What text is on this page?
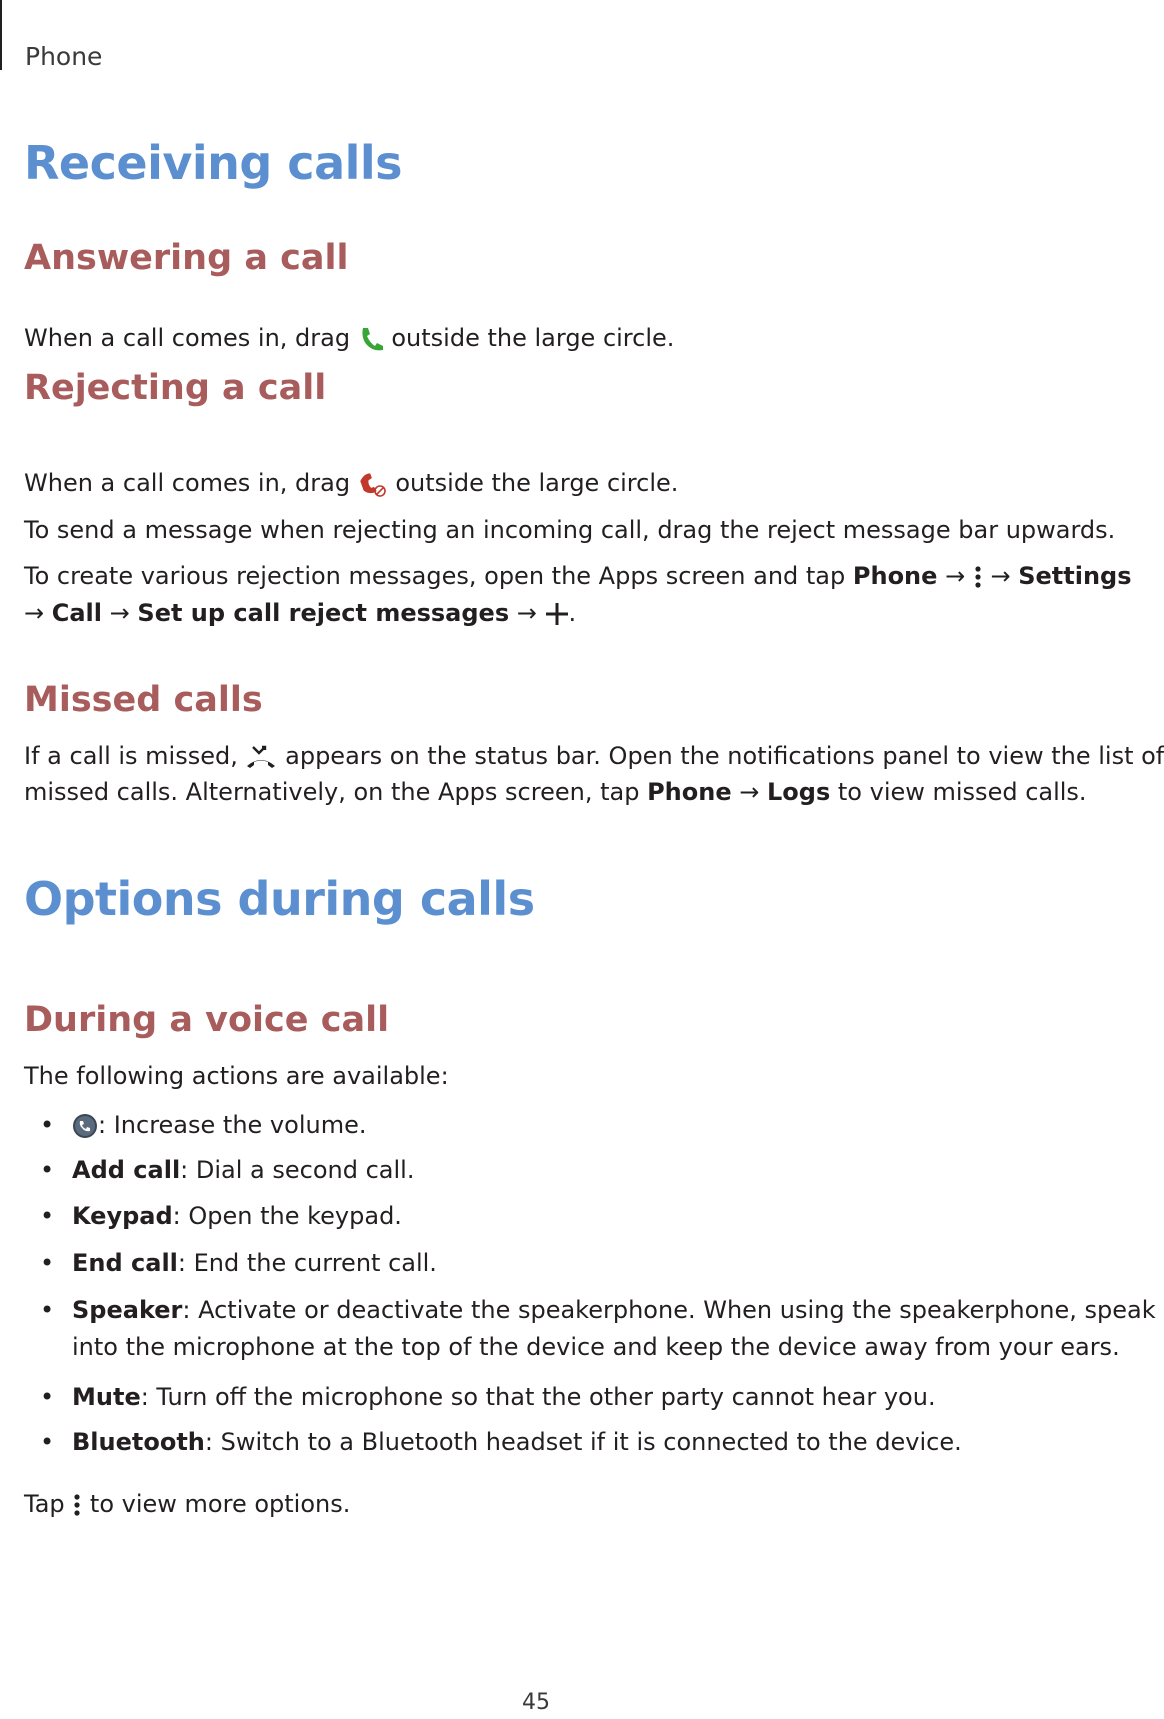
Phone
Receiving calls
Answering a call
When a call comes in, drag outside the large circle.
Rejecting a call
When a call comes in, drag outside the large circle.
To send a message when rejecting an incoming call, drag the reject message bar upwards.
To create various rejection messages, open the Apps screen and tap Phone → → Settings
→ Call → Set up call reject messages → .
Missed calls
If a call is missed, appears on the status bar. Open the notifications panel to view the list of
missed calls. Alternatively, on the Apps screen, tap Phone → Logs to view missed calls.
Options during calls
During a voice call
The following actions are available:
•	: Increase the volume.
• Add call: Dial a second call.
• Keypad: Open the keypad.
• End call: End the current call.
• Speaker: Activate or deactivate the speakerphone. When using the speakerphone, speak
into the microphone at the top of the device and keep the device away from your ears.
• Mute: Turn off the microphone so that the other party cannot hear you.
• Bluetooth: Switch to a Bluetooth headset if it is connected to the device.
Tap to view more options.
45
